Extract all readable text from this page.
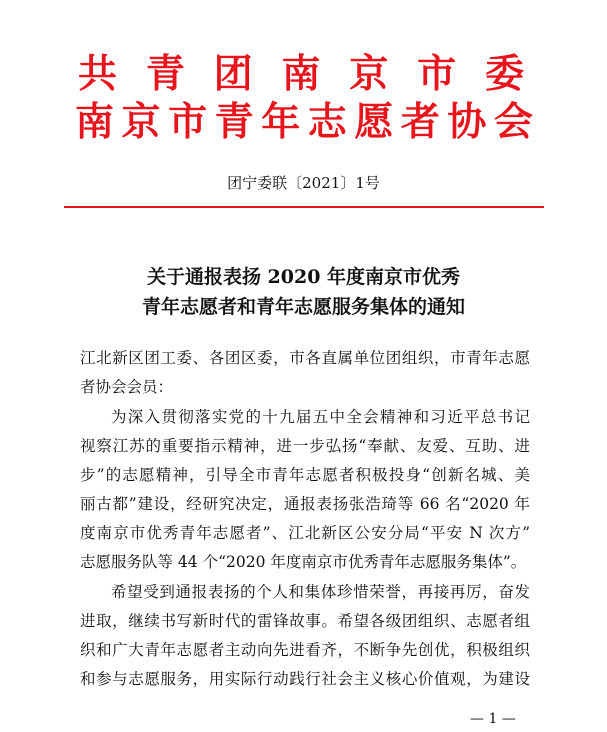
共青团南京市委
南京市青年志愿者协会
团宁委联〔2021〕1号
关于通报表扬 2020 年度南京市优秀
青年志愿者和青年志愿服务集体的通知
江北新区团工委、各团区委，市各直属单位团组织，市青年志愿
者协会会员：
为深入贯彻落实党的十九届五中全会精神和习近平总书记
视察江苏的重要指示精神，进一步弘扬“奉献、友爱、互助、进
步”的志愿精神，引导全市青年志愿者积极投身“创新名城、美
丽古都”建设，经研究决定，通报表扬张浩琦等 66 名“2020 年
度南京市优秀青年志愿者”、江北新区公安分局“平安 N 次方”
志愿服务队等 44 个“2020 年度南京市优秀青年志愿服务集体”。
希望受到通报表扬的个人和集体珍惜荣誉，再接再厉，奋发
进取，继续书写新时代的雷锋故事。希望各级团组织、志愿者组
织和广大青年志愿者主动向先进看齐，不断争先创优，积极组织
和参与志愿服务，用实际行动践行社会主义核心价值观，为建设
— 1 —
